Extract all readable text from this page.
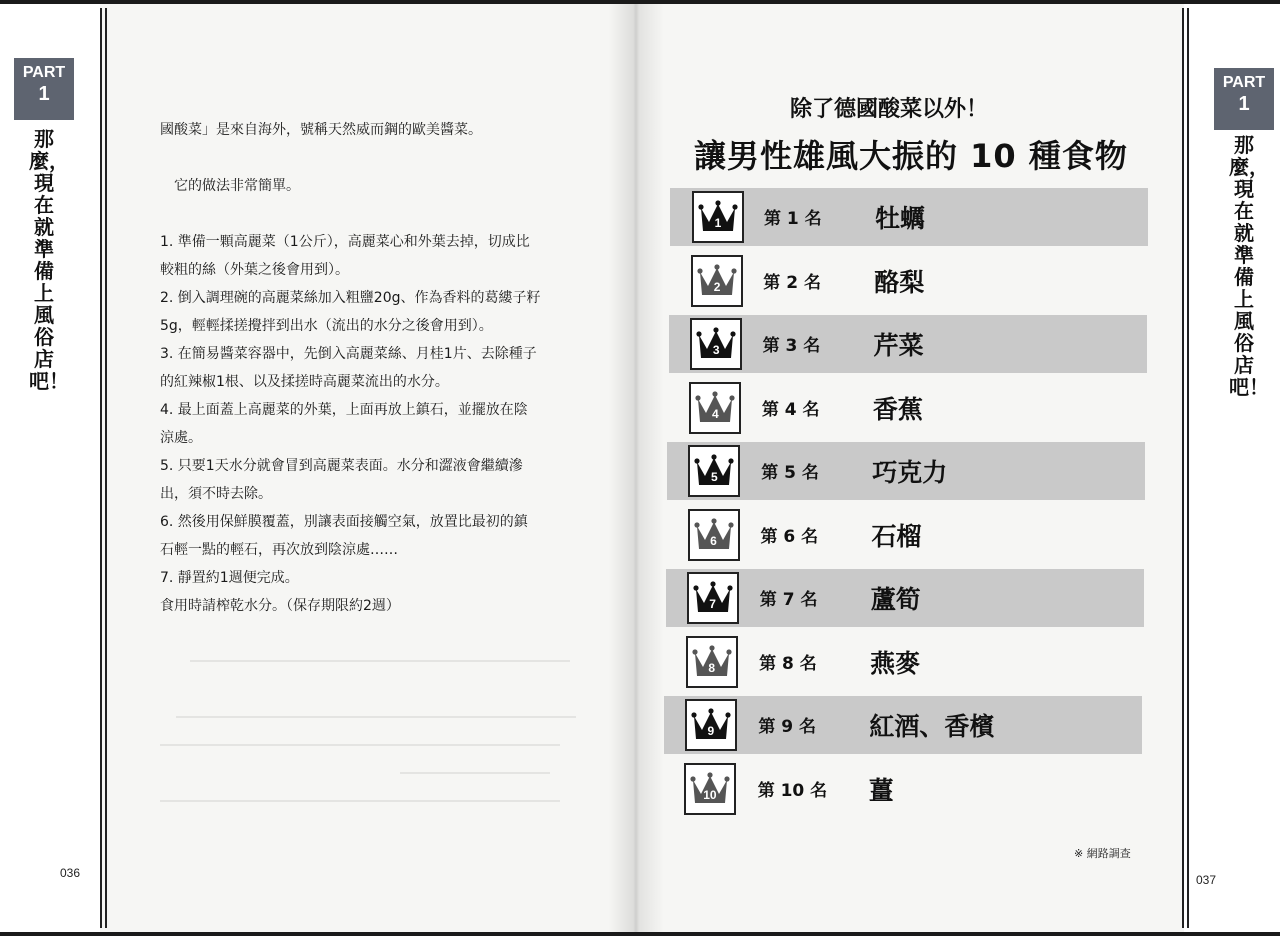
PART
1
那麼，現在就準備上風俗店吧！
036
國酸菜」是來自海外，號稱天然威而鋼的歐美醬菜。
　它的做法非常簡單。
1. 準備一顆高麗菜（1公斤），高麗菜心和外葉去掉，切成比
較粗的絲（外葉之後會用到）。
2. 倒入調理碗的高麗菜絲加入粗鹽20g、作為香料的葛縷子籽
5g，輕輕揉搓攪拌到出水（流出的水分之後會用到）。
3. 在簡易醬菜容器中，先倒入高麗菜絲、月桂1片、去除種子
的紅辣椒1根、以及揉搓時高麗菜流出的水分。
4. 最上面蓋上高麗菜的外葉，上面再放上鎮石，並擺放在陰
涼處。
5. 只要1天水分就會冒到高麗菜表面。水分和澀液會繼續滲
出，須不時去除。
6. 然後用保鮮膜覆蓋，別讓表面接觸空氣，放置比最初的鎮
石輕一點的輕石，再次放到陰涼處……
7. 靜置約1週便完成。
食用時請榨乾水分。（保存期限約2週）
PART
1
那麼，現在就準備上風俗店吧！
037
除了德國酸菜以外！
讓男性雄風大振的 10 種食物
1	第 1 名 牡蠣
2	第 2 名 酪梨
3	第 3 名 芹菜
4	第 4 名 香蕉
5	第 5 名 巧克力
6	第 6 名 石榴
7	第 7 名 蘆筍
8	第 8 名 燕麥
9	第 9 名 紅酒、香檳
10	第 10 名 薑
※ 網路調查
